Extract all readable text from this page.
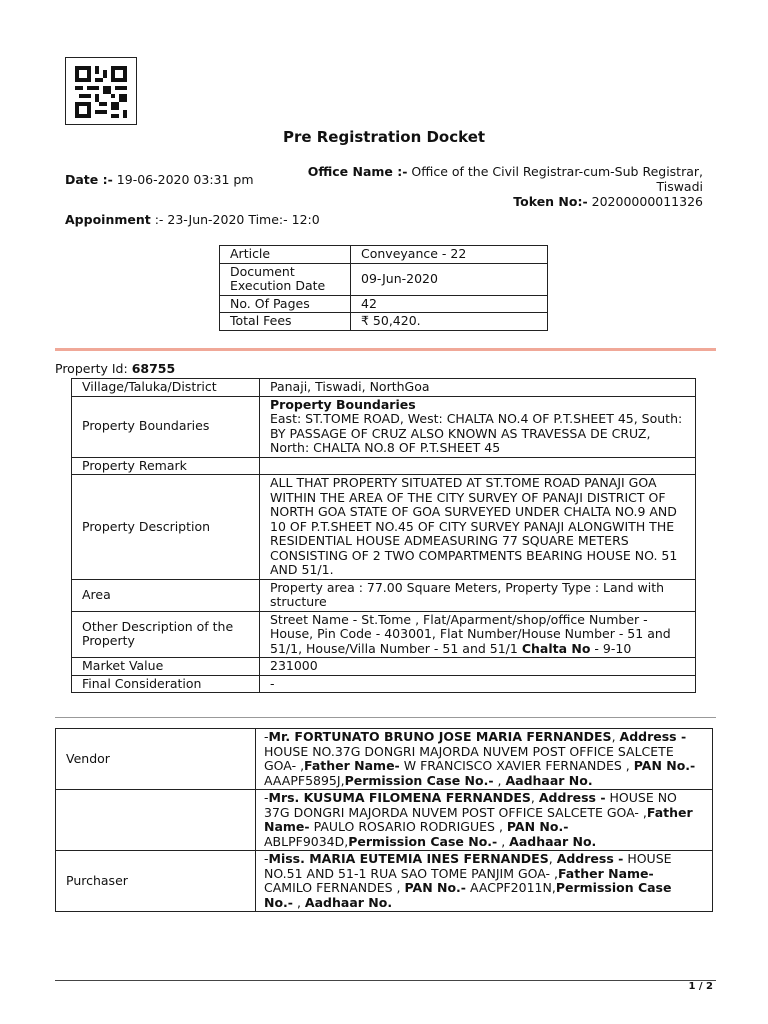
Pre Registration Docket
Date :- 19-06-2020 03:31 pm
Office Name :- Office of the Civil Registrar-cum-Sub Registrar,
Tiswadi
Token No:- 20200000011326
Appoinment :- 23-Jun-2020 Time:- 12:0
Article	Conveyance - 22
Document Execution Date	09-Jun-2020
No. Of Pages	42
Total Fees	₹ 50,420.
Property Id: 68755
Village/Taluka/District	Panaji, Tiswadi, NorthGoa
Property Boundaries	Property Boundaries
East: ST.TOME ROAD, West: CHALTA NO.4 OF P.T.SHEET 45, South: BY PASSAGE OF CRUZ ALSO KNOWN AS TRAVESSA DE CRUZ, North: CHALTA NO.8 OF P.T.SHEET 45
Property Remark	
Property Description	ALL THAT PROPERTY SITUATED AT ST.TOME ROAD PANAJI GOA WITHIN THE AREA OF THE CITY SURVEY OF PANAJI DISTRICT OF NORTH GOA STATE OF GOA SURVEYED UNDER CHALTA NO.9 AND 10 OF P.T.SHEET NO.45 OF CITY SURVEY PANAJI ALONGWITH THE RESIDENTIAL HOUSE ADMEASURING 77 SQUARE METERS CONSISTING OF 2 TWO COMPARTMENTS BEARING HOUSE NO. 51 AND 51/1.
Area	Property area : 77.00 Square Meters, Property Type : Land with structure
Other Description of the Property	Street Name - St.Tome , Flat/Aparment/shop/office Number - House, Pin Code - 403001, Flat Number/House Number - 51 and 51/1, House/Villa Number - 51 and 51/1 Chalta No - 9-10
Market Value	231000
Final Consideration	-
Vendor	-Mr. FORTUNATO BRUNO JOSE MARIA FERNANDES, Address - HOUSE NO.37G DONGRI MAJORDA NUVEM POST OFFICE SALCETE GOA- ,Father Name- W FRANCISCO XAVIER FERNANDES , PAN No.- AAAPF5895J,Permission Case No.- , Aadhaar No.
	-Mrs. KUSUMA FILOMENA FERNANDES, Address - HOUSE NO 37G DONGRI MAJORDA NUVEM POST OFFICE SALCETE GOA- ,Father Name- PAULO ROSARIO RODRIGUES , PAN No.- ABLPF9034D,Permission Case No.- , Aadhaar No.
Purchaser	-Miss. MARIA EUTEMIA INES FERNANDES, Address - HOUSE NO.51 AND 51-1 RUA SAO TOME PANJIM GOA- ,Father Name- CAMILO FERNANDES , PAN No.- AACPF2011N,Permission Case No.- , Aadhaar No.
1 / 2
